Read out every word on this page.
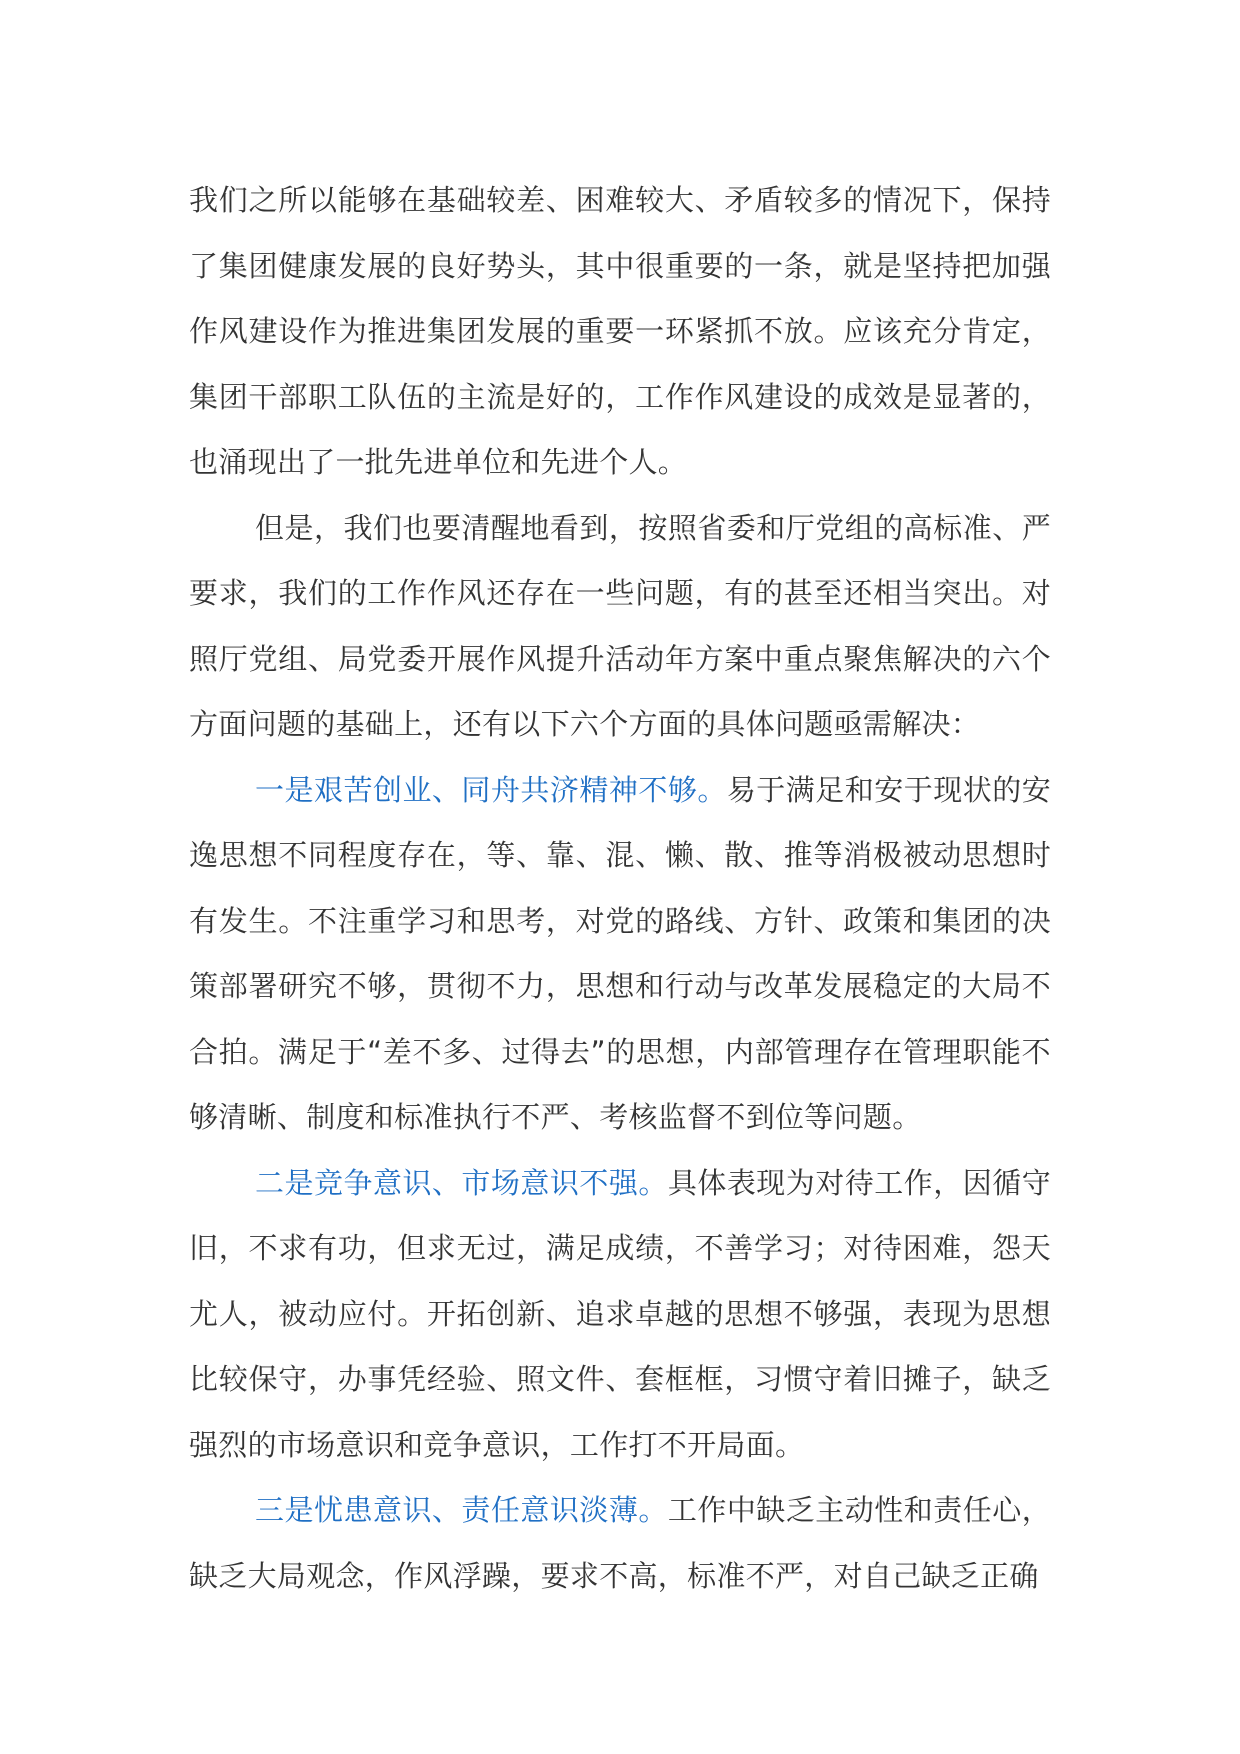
我们之所以能够在基础较差、困难较大、矛盾较多的情况下，保持了集团健康发展的良好势头，其中很重要的一条，就是坚持把加强作风建设作为推进集团发展的重要一环紧抓不放。应该充分肯定，集团干部职工队伍的主流是好的，工作作风建设的成效是显著的，也涌现出了一批先进单位和先进个人。

但是，我们也要清醒地看到，按照省委和厅党组的高标准、严要求，我们的工作作风还存在一些问题，有的甚至还相当突出。对照厅党组、局党委开展作风提升活动年方案中重点聚焦解决的六个方面问题的基础上，还有以下六个方面的具体问题亟需解决：

一是艰苦创业、同舟共济精神不够。易于满足和安于现状的安逸思想不同程度存在，等、靠、混、懒、散、推等消极被动思想时有发生。不注重学习和思考，对党的路线、方针、政策和集团的决策部署研究不够，贯彻不力，思想和行动与改革发展稳定的大局不合拍。满足于“差不多、过得去”的思想，内部管理存在管理职能不够清晰、制度和标准执行不严、考核监督不到位等问题。

二是竞争意识、市场意识不强。具体表现为对待工作，因循守旧，不求有功，但求无过，满足成绩，不善学习；对待困难，怨天尤人，被动应付。开拓创新、追求卓越的思想不够强，表现为思想比较保守，办事凭经验、照文件、套框框，习惯守着旧摊子，缺乏强烈的市场意识和竞争意识，工作打不开局面。

三是忧患意识、责任意识淡薄。工作中缺乏主动性和责任心，缺乏大局观念，作风浮躁，要求不高，标准不严，对自己缺乏正确
